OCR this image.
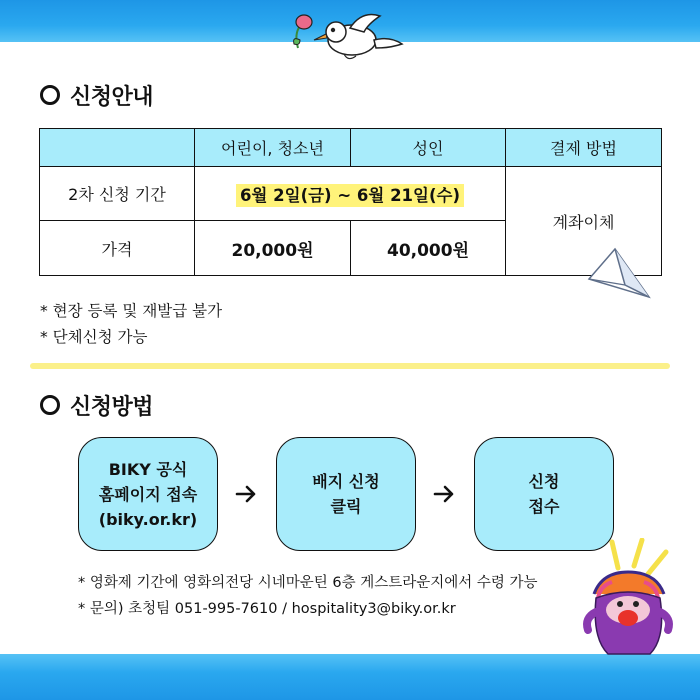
신청안내
	어린이, 청소년	성인	결제 방법
2차 신청 기간	6월 2일(금) ~ 6월 21일(수)		계좌이체
가격	20,000원	40,000원	
* 현장 등록 및 재발급 불가
* 단체신청 가능
신청방법
BIKY 공식
홈페이지 접속
(biky.or.kr)
배지 신청
클릭
신청
접수
* 영화제 기간에 영화의전당 시네마운틴 6층 게스트라운지에서 수령 가능
* 문의) 초청팀 051-995-7610 / hospitality3@biky.or.kr
